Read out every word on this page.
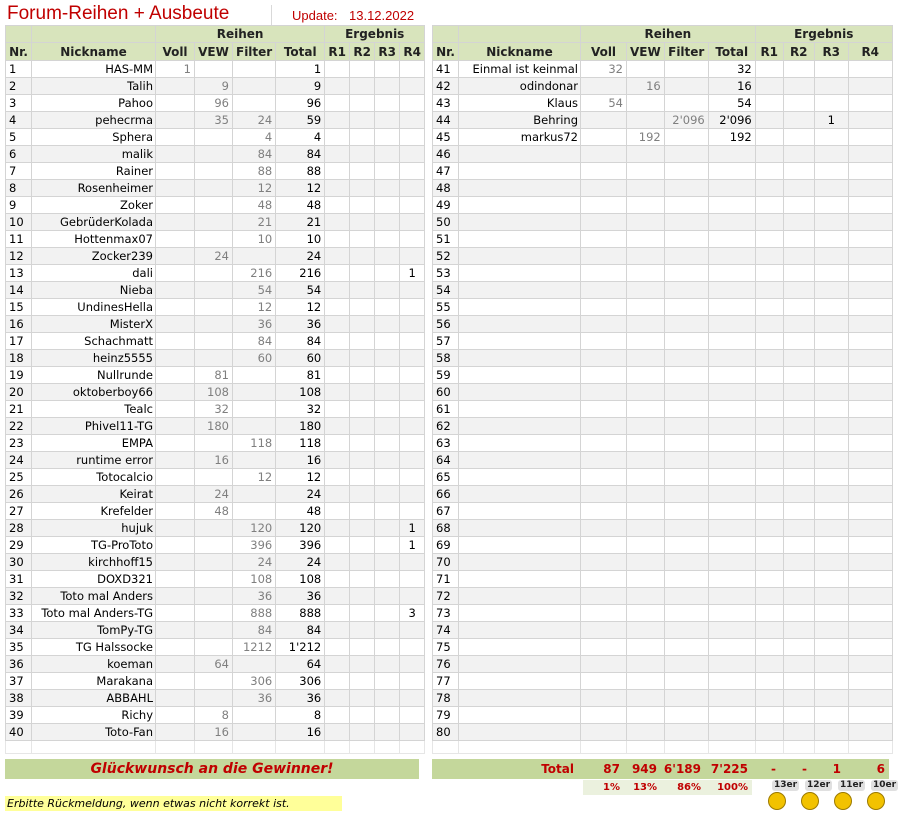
Forum-Reihen + Ausbeute	Update: 13.12.2022
		Reihen				Ergebnis			
Nr.	Nickname	Voll	VEW	Filter	Total	R1	R2	R3	R4
1	HAS-MM	1			1				
2	Talih		9		9				
3	Pahoo		96		96				
4	pehecrma		35	24	59				
5	Sphera			4	4				
6	malik			84	84				
7	Rainer			88	88				
8	Rosenheimer			12	12				
9	Zoker			48	48				
10	GebrüderKolada			21	21				
11	Hottenmax07			10	10				
12	Zocker239		24		24				
13	dali			216	216				1
14	Nieba			54	54				
15	UndinesHella			12	12				
16	MisterX			36	36				
17	Schachmatt			84	84				
18	heinz5555			60	60				
19	Nullrunde		81		81				
20	oktoberboy66		108		108				
21	Tealc		32		32				
22	Phivel11-TG		180		180				
23	EMPA			118	118				
24	runtime error		16		16				
25	Totocalcio			12	12				
26	Keirat		24		24				
27	Krefelder		48		48				
28	hujuk			120	120				1
29	TG-ProToto			396	396				1
30	kirchhoff15			24	24				
31	DOXD321			108	108				
32	Toto mal Anders			36	36				
33	Toto mal Anders-TG			888	888				3
34	TomPy-TG			84	84				
35	TG Halssocke			1212	1'212				
36	koeman		64		64				
37	Marakana			306	306				
38	ABBAHL			36	36				
39	Richy		8		8				
40	Toto-Fan		16		16				

		Reihen				Ergebnis			
Nr.	Nickname	Voll	VEW	Filter	Total	R1	R2	R3	R4
41	Einmal ist keinmal	32			32				
42	odindonar		16		16				
43	Klaus	54			54				
44	Behring			2'096	2'096			1	
45	markus72		192		192				
46									
47									
48									
49									
50									
51									
52									
53									
54									
55									
56									
57									
58									
59									
60									
61									
62									
63									
64									
65									
66									
67									
68									
69									
70									
71									
72									
73									
74									
75									
76									
77									
78									
79									
80									

Glückwunsch an die Gewinner!	Total	87 949 6'189 7'225	-	-	1	6
1%	13%	86%	100%
Erbitte Rückmeldung, wenn etwas nicht korrekt ist.
13er 12er 11er 10er
